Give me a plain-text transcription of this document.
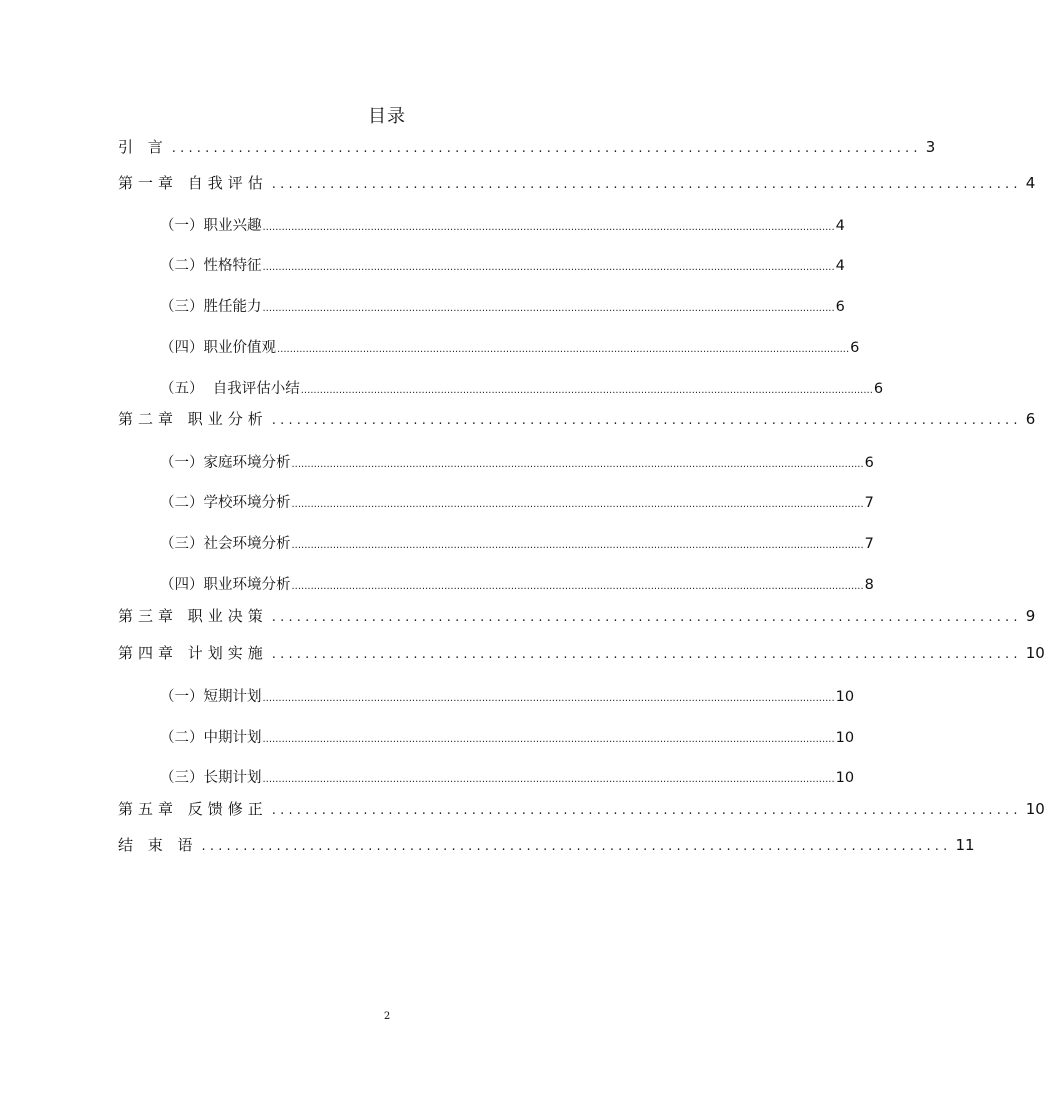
目录
引 言 .......................................................................................... 3
第一章 自我评估 .......................................................................................... 4
（一）职业兴趣 .................................................................................................................................................................................... 4
（二）性格特征 .................................................................................................................................................................................... 4
（三）胜任能力 .................................................................................................................................................................................... 6
（四）职业价值观 .................................................................................................................................................................................... 6
（五）  自我评估小结 .................................................................................................................................................................................... 6
第二章 职业分析 .......................................................................................... 6
（一）家庭环境分析 .................................................................................................................................................................................... 6
（二）学校环境分析 .................................................................................................................................................................................... 7
（三）社会环境分析 .................................................................................................................................................................................... 7
（四）职业环境分析 .................................................................................................................................................................................... 8
第三章 职业决策 .......................................................................................... 9
第四章 计划实施 .......................................................................................... 10
（一）短期计划 .................................................................................................................................................................................... 10
（二）中期计划 .................................................................................................................................................................................... 10
（三）长期计划 .................................................................................................................................................................................... 10
第五章 反馈修正 .......................................................................................... 10
结 束 语 .......................................................................................... 11
2
